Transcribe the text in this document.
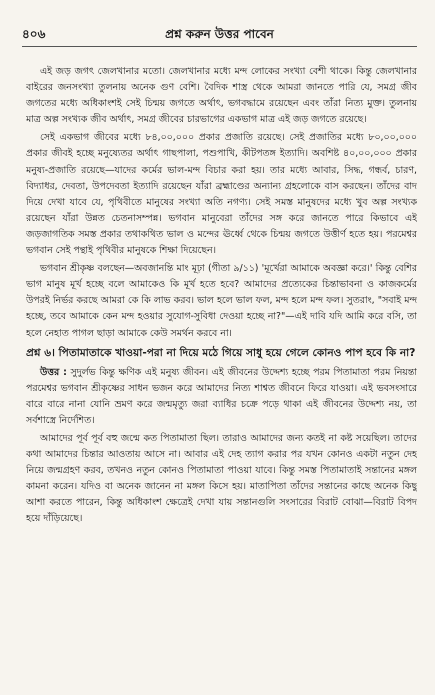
৪০৬	প্রশ্ন করুন উত্তর পাবেন

এই জড় জগৎ জেলখানার মতো। জেলখানার মধ্যে মন্দ লোকের সংখ্যা বেশী থাকে। কিন্তু জেলখানার বাইরের জনসংখ্যা তুলনায় অনেক গুণ বেশি। বৈদিক শাস্ত্র থেকে আমরা জানতে পারি যে, সমগ্র জীব জগতের মধ্যে অধিকাংশই সেই চিন্ময় জগতে অর্থাৎ, ভগবদ্ধামে রয়েছেন এবং তাঁরা নিত্য মুক্ত। তুলনায় মাত্র অল্প সংখ্যক জীব অর্থাৎ, সমগ্র জীবের চারভাগের একভাগ মাত্র এই জড় জগতে রয়েছে।

সেই একভাগ জীবের মধ্যে ৮৪,০০,০০০ প্রকার প্রজাতি রয়েছে। সেই প্রজাতির মধ্যে ৮০,০০,০০০ প্রকার জীবই হচ্ছে মনুষ্যেতর অর্থাৎ গাছপালা, পশুপাখি, কীটপতঙ্গ ইত্যাদি। অবশিষ্ট ৪০,০০,০০০ প্রকার মনুষ্য-প্রজাতি রয়েছে—যাদের কর্মের ভাল-মন্দ বিচার করা হয়। তার মধ্যে আবার, সিদ্ধ, গন্ধর্ব, চারণ, বিদ্যাধর, দেবতা, উপদেবতা ইত্যাদি রয়েছেন যাঁরা ব্রহ্মাণ্ডের অন্যান্য গ্রহলোকে বাস করছেন। তাঁদের বাদ দিয়ে দেখা যাবে যে, পৃথিবীতে মানুষের সংখ্যা অতি নগণ্য। সেই সমস্ত মানুষদের মধ্যে খুব অল্প সংখ্যক রয়েছেন যাঁরা উন্নত চেতনাসম্পন্ন। ভগবান মানুবেরা তাঁদের সঙ্গ করে জানতে পারে কিভাবে এই জড়জাগতিক সমস্ত প্রকার তথাকথিত ভাল ও মন্দের ঊর্ধ্বে থেকে চিন্ময় জগতে উত্তীর্ণ হতে হয়। পরমেশ্বর ভগবান সেই পন্থাই পৃথিবীর মানুষকে শিক্ষা দিয়েছেন।

ভগবান শ্রীকৃষ্ণ বলছেন—অবজানন্তি মাং মূঢ়া (গীতা ৯/১১) 'মূর্খেরা আমাকে অবজ্ঞা করে।' কিন্তু বেশির ভাগ মানুষ মূর্খ হচ্ছে বলে আমাকেও কি মূর্খ হতে হবে? আমাদের প্রত্যেকের চিন্তাভাবনা ও কাজকর্মের উপরই নির্ভর করছে আমরা কে কি লাভ করব। ভাল হলে ভাল ফল, মন্দ হলে মন্দ ফল। সুতরাং, "সবাই মন্দ হচ্ছে, তবে আমাকে কেন মন্দ হওয়ার সুযোগ-সুবিধা দেওয়া হচ্ছে না?"—এই দাবি যদি আমি করে বসি, তা হলে নেহাত পাগল ছাড়া আমাকে কেউ সমর্থন করবে না।

প্রশ্ন ৬। পিতামাতাকে খাওয়া-পরা না দিয়ে মঠে গিয়ে সাধু হয়ে গেলে কোনও পাপ হবে কি না?

উত্তর : সুদুর্লভ কিন্তু ক্ষণিক এই মনুষ্য জীবন। এই জীবনের উদ্দেশ্য হচ্ছে পরম পিতামাতা পরম নিয়ন্তা পরমেশ্বর ভগবান শ্রীকৃষ্ণের সাধন ভজন করে আমাদের নিত্য শাশ্বত জীবনে ফিরে যাওয়া। এই ভবসংসারে বারে বারে নানা যোনি ভ্রমণ করে জন্মমৃত্যু জরা ব্যাধির চক্রে পড়ে থাকা এই জীবনের উদ্দেশ্য নয়, তা সর্বশাস্ত্রে নির্দেশিত।

আমাদের পূর্ব পূর্ব বহু জন্মে কত পিতামাতা ছিল। তারাও আমাদের জন্য কতই না কষ্ট সয়েছিল। তাদের কথা আমাদের চিন্তার আওতায় আসে না। আবার এই দেহ ত্যাগ করার পর যখন কোনও একটা নতুন দেহ নিয়ে জন্মগ্রহণ করব, তখনও নতুন কোনও পিতামাতা পাওয়া যাবে। কিন্তু সমস্ত পিতামাতাই সন্তানের মঙ্গল কামনা করেন। যদিও বা অনেক জানেন না মঙ্গল কিসে হয়। মাতাপিতা তাঁদের সন্তানের কাছে অনেক কিছু আশা করতে পারেন, কিন্তু অধিকাংশ ক্ষেত্রেই দেখা যায় সন্তানগুলি সংসারের বিরাট বোঝা—বিরাট বিপদ হয়ে দাঁড়িয়েছে।
